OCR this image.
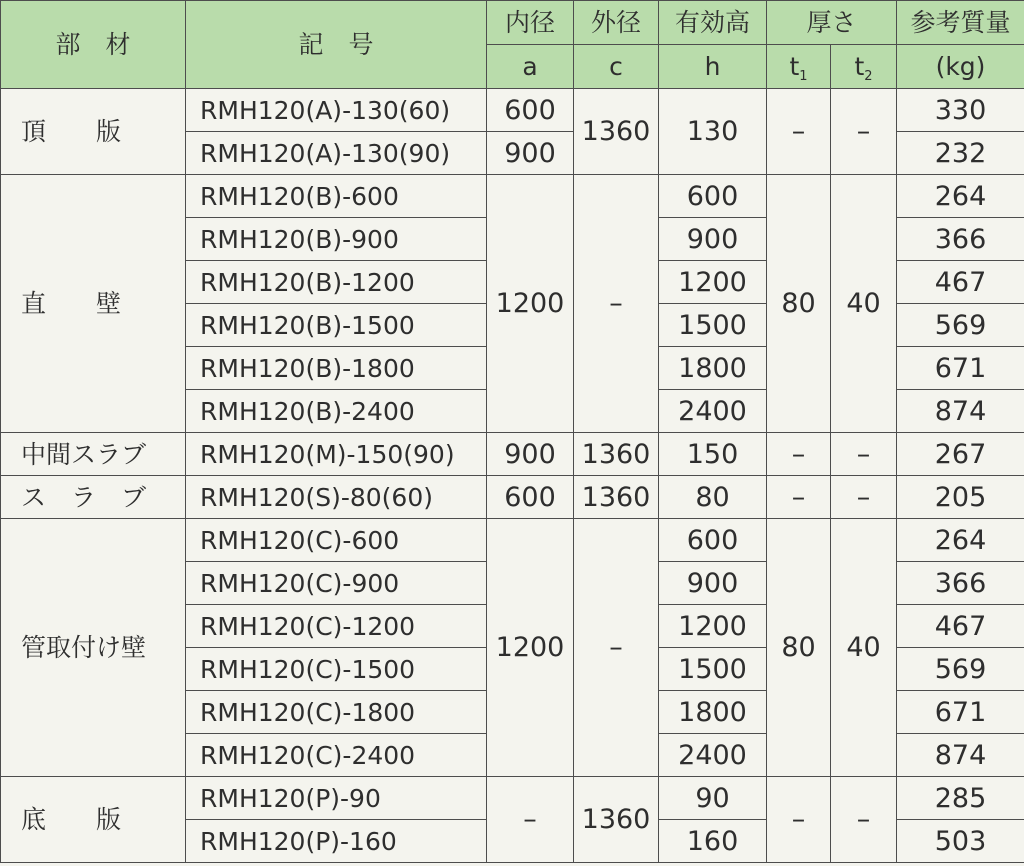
部　材	記　号	内径	外径	有効高	厚さ		参考質量
		a	c	h	$t_1$	$t_2$	(kg)
頂　　版	RMH120(A)-130(60)	600	1360	130	–	–	330
	RMH120(A)-130(90)	900					232
直　　壁	RMH120(B)-600	1200	–	600	80	40	264
	RMH120(B)-900			900			366
	RMH120(B)-1200			1200			467
	RMH120(B)-1500			1500			569
	RMH120(B)-1800			1800			671
	RMH120(B)-2400			2400			874
中間スラブ	RMH120(M)-150(90)	900	1360	150	–	–	267
ス　ラ　ブ	RMH120(S)-80(60)	600	1360	80	–	–	205
管取付け壁	RMH120(C)-600	1200	–	600	80	40	264
	RMH120(C)-900			900			366
	RMH120(C)-1200			1200			467
	RMH120(C)-1500			1500			569
	RMH120(C)-1800			1800			671
	RMH120(C)-2400			2400			874
底　　版	RMH120(P)-90	–	1360	90	–	–	285
	RMH120(P)-160			160			503
